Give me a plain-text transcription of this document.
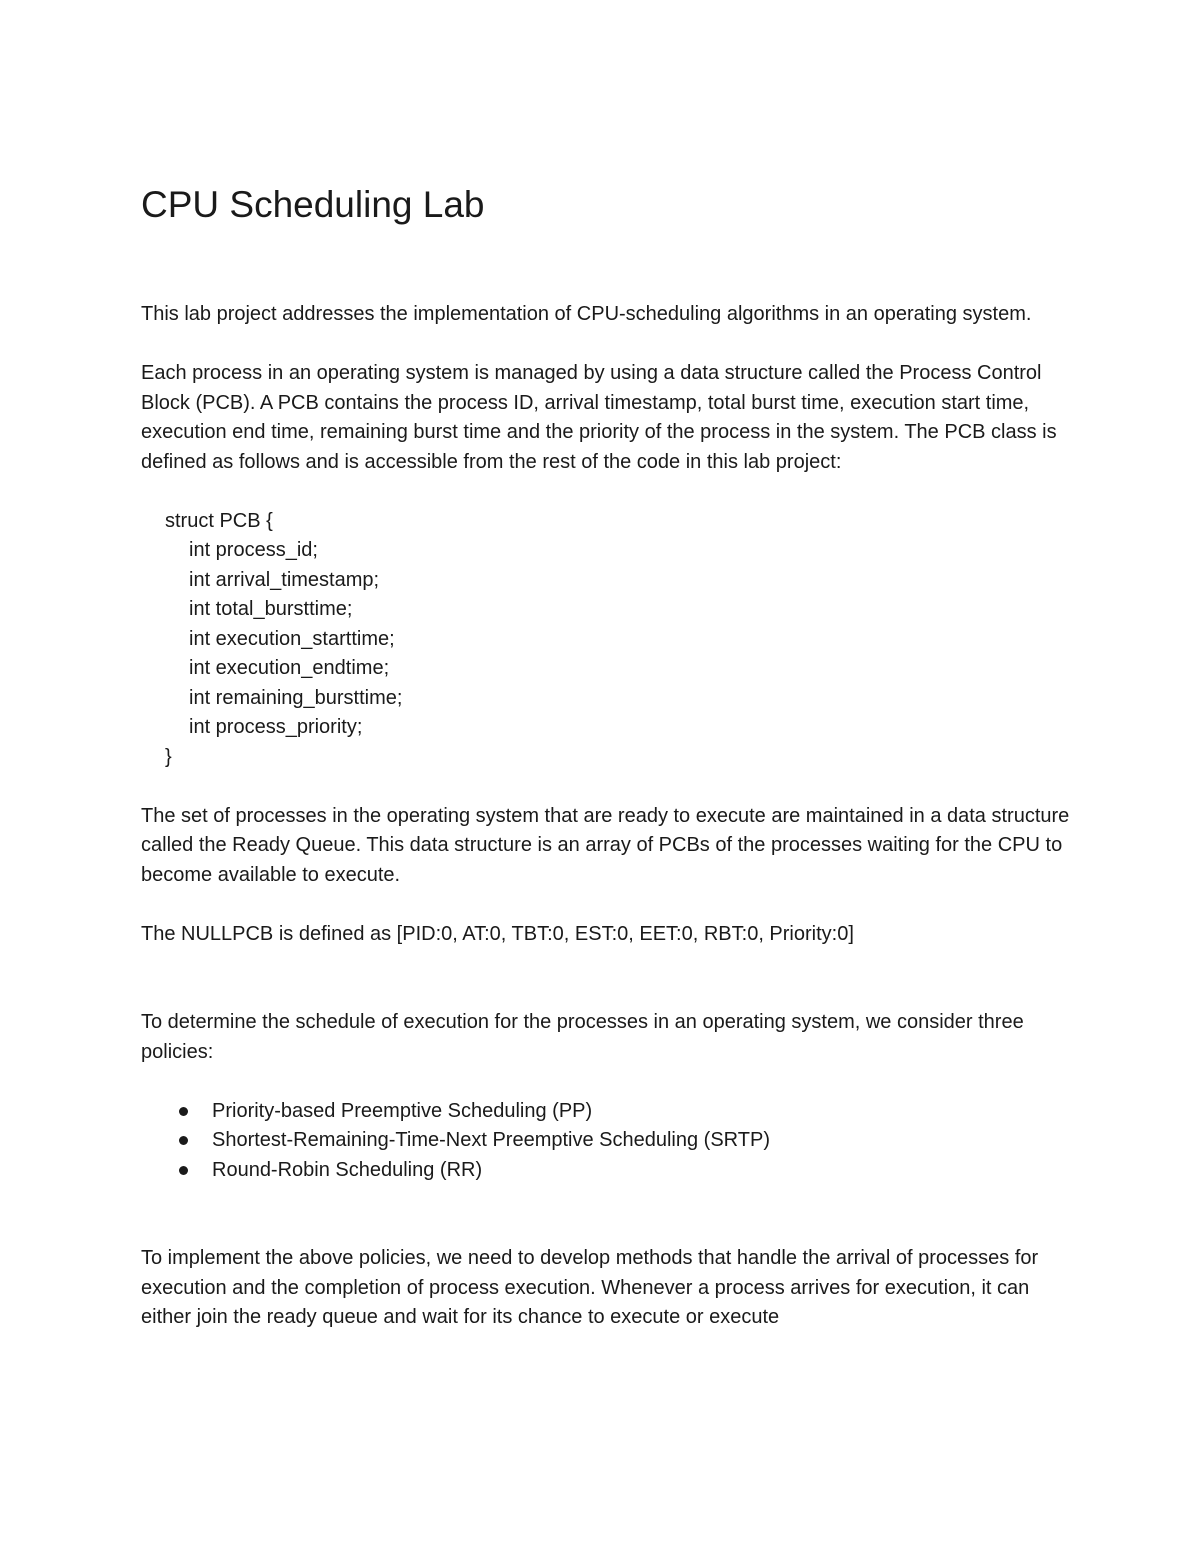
CPU Scheduling Lab

This lab project addresses the implementation of CPU-scheduling algorithms in an operating system.

Each process in an operating system is managed by using a data structure called the Process Control Block (PCB). A PCB contains the process ID, arrival timestamp, total burst time, execution start time, execution end time, remaining burst time and the priority of the process in the system. The PCB class is defined as follows and is accessible from the rest of the code in this lab project:

struct PCB {
int process_id;
int arrival_timestamp;
int total_bursttime;
int execution_starttime;
int execution_endtime;
int remaining_bursttime;
int process_priority;
}

The set of processes in the operating system that are ready to execute are maintained in a data structure called the Ready Queue. This data structure is an array of PCBs of the processes waiting for the CPU to become available to execute.

The NULLPCB is defined as [PID:0, AT:0, TBT:0, EST:0, EET:0, RBT:0, Priority:0]

To determine the schedule of execution for the processes in an operating system, we consider three policies:

Priority-based Preemptive Scheduling (PP)
Shortest-Remaining-Time-Next Preemptive Scheduling (SRTP)
Round-Robin Scheduling (RR)

To implement the above policies, we need to develop methods that handle the arrival of processes for execution and the completion of process execution. Whenever a process arrives for execution, it can either join the ready queue and wait for its chance to execute or execute
